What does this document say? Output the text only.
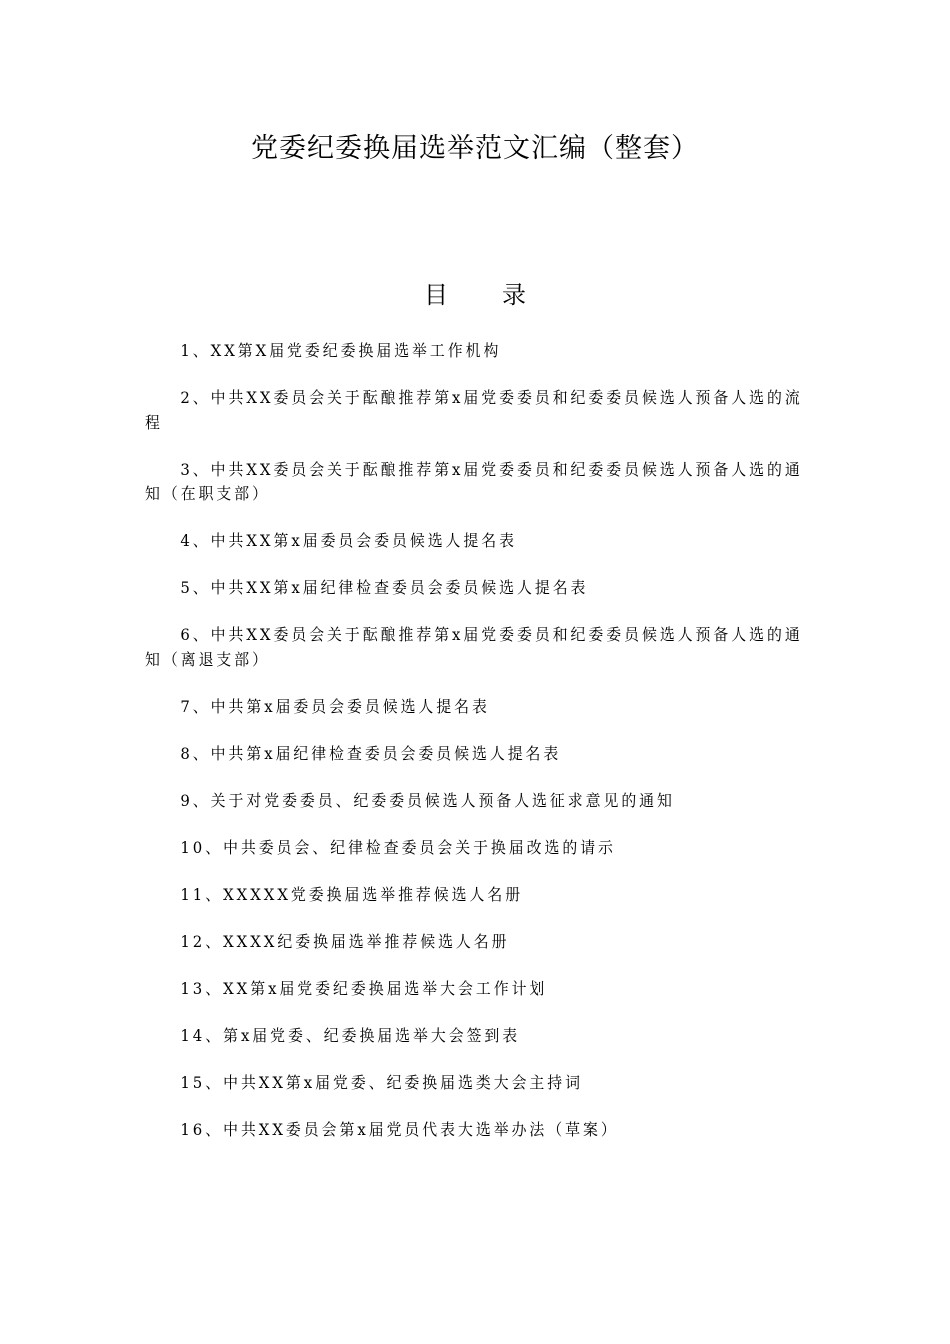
党委纪委换届选举范文汇编（整套）
目 录
1、XX第X届党委纪委换届选举工作机构
2、中共XX委员会关于酝酿推荐第x届党委委员和纪委委员候选人预备人选的流程
3、中共XX委员会关于酝酿推荐第x届党委委员和纪委委员候选人预备人选的通知（在职支部）
4、中共XX第x届委员会委员候选人提名表
5、中共XX第x届纪律检查委员会委员候选人提名表
6、中共XX委员会关于酝酿推荐第x届党委委员和纪委委员候选人预备人选的通知（离退支部）
7、中共第x届委员会委员候选人提名表
8、中共第x届纪律检查委员会委员候选人提名表
9、关于对党委委员、纪委委员候选人预备人选征求意见的通知
10、中共委员会、纪律检查委员会关于换届改选的请示
11、XXXXX党委换届选举推荐候选人名册
12、XXXX纪委换届选举推荐候选人名册
13、XX第x届党委纪委换届选举大会工作计划
14、第x届党委、纪委换届选举大会签到表
15、中共XX第x届党委、纪委换届选类大会主持词
16、中共XX委员会第x届党员代表大选举办法（草案）
